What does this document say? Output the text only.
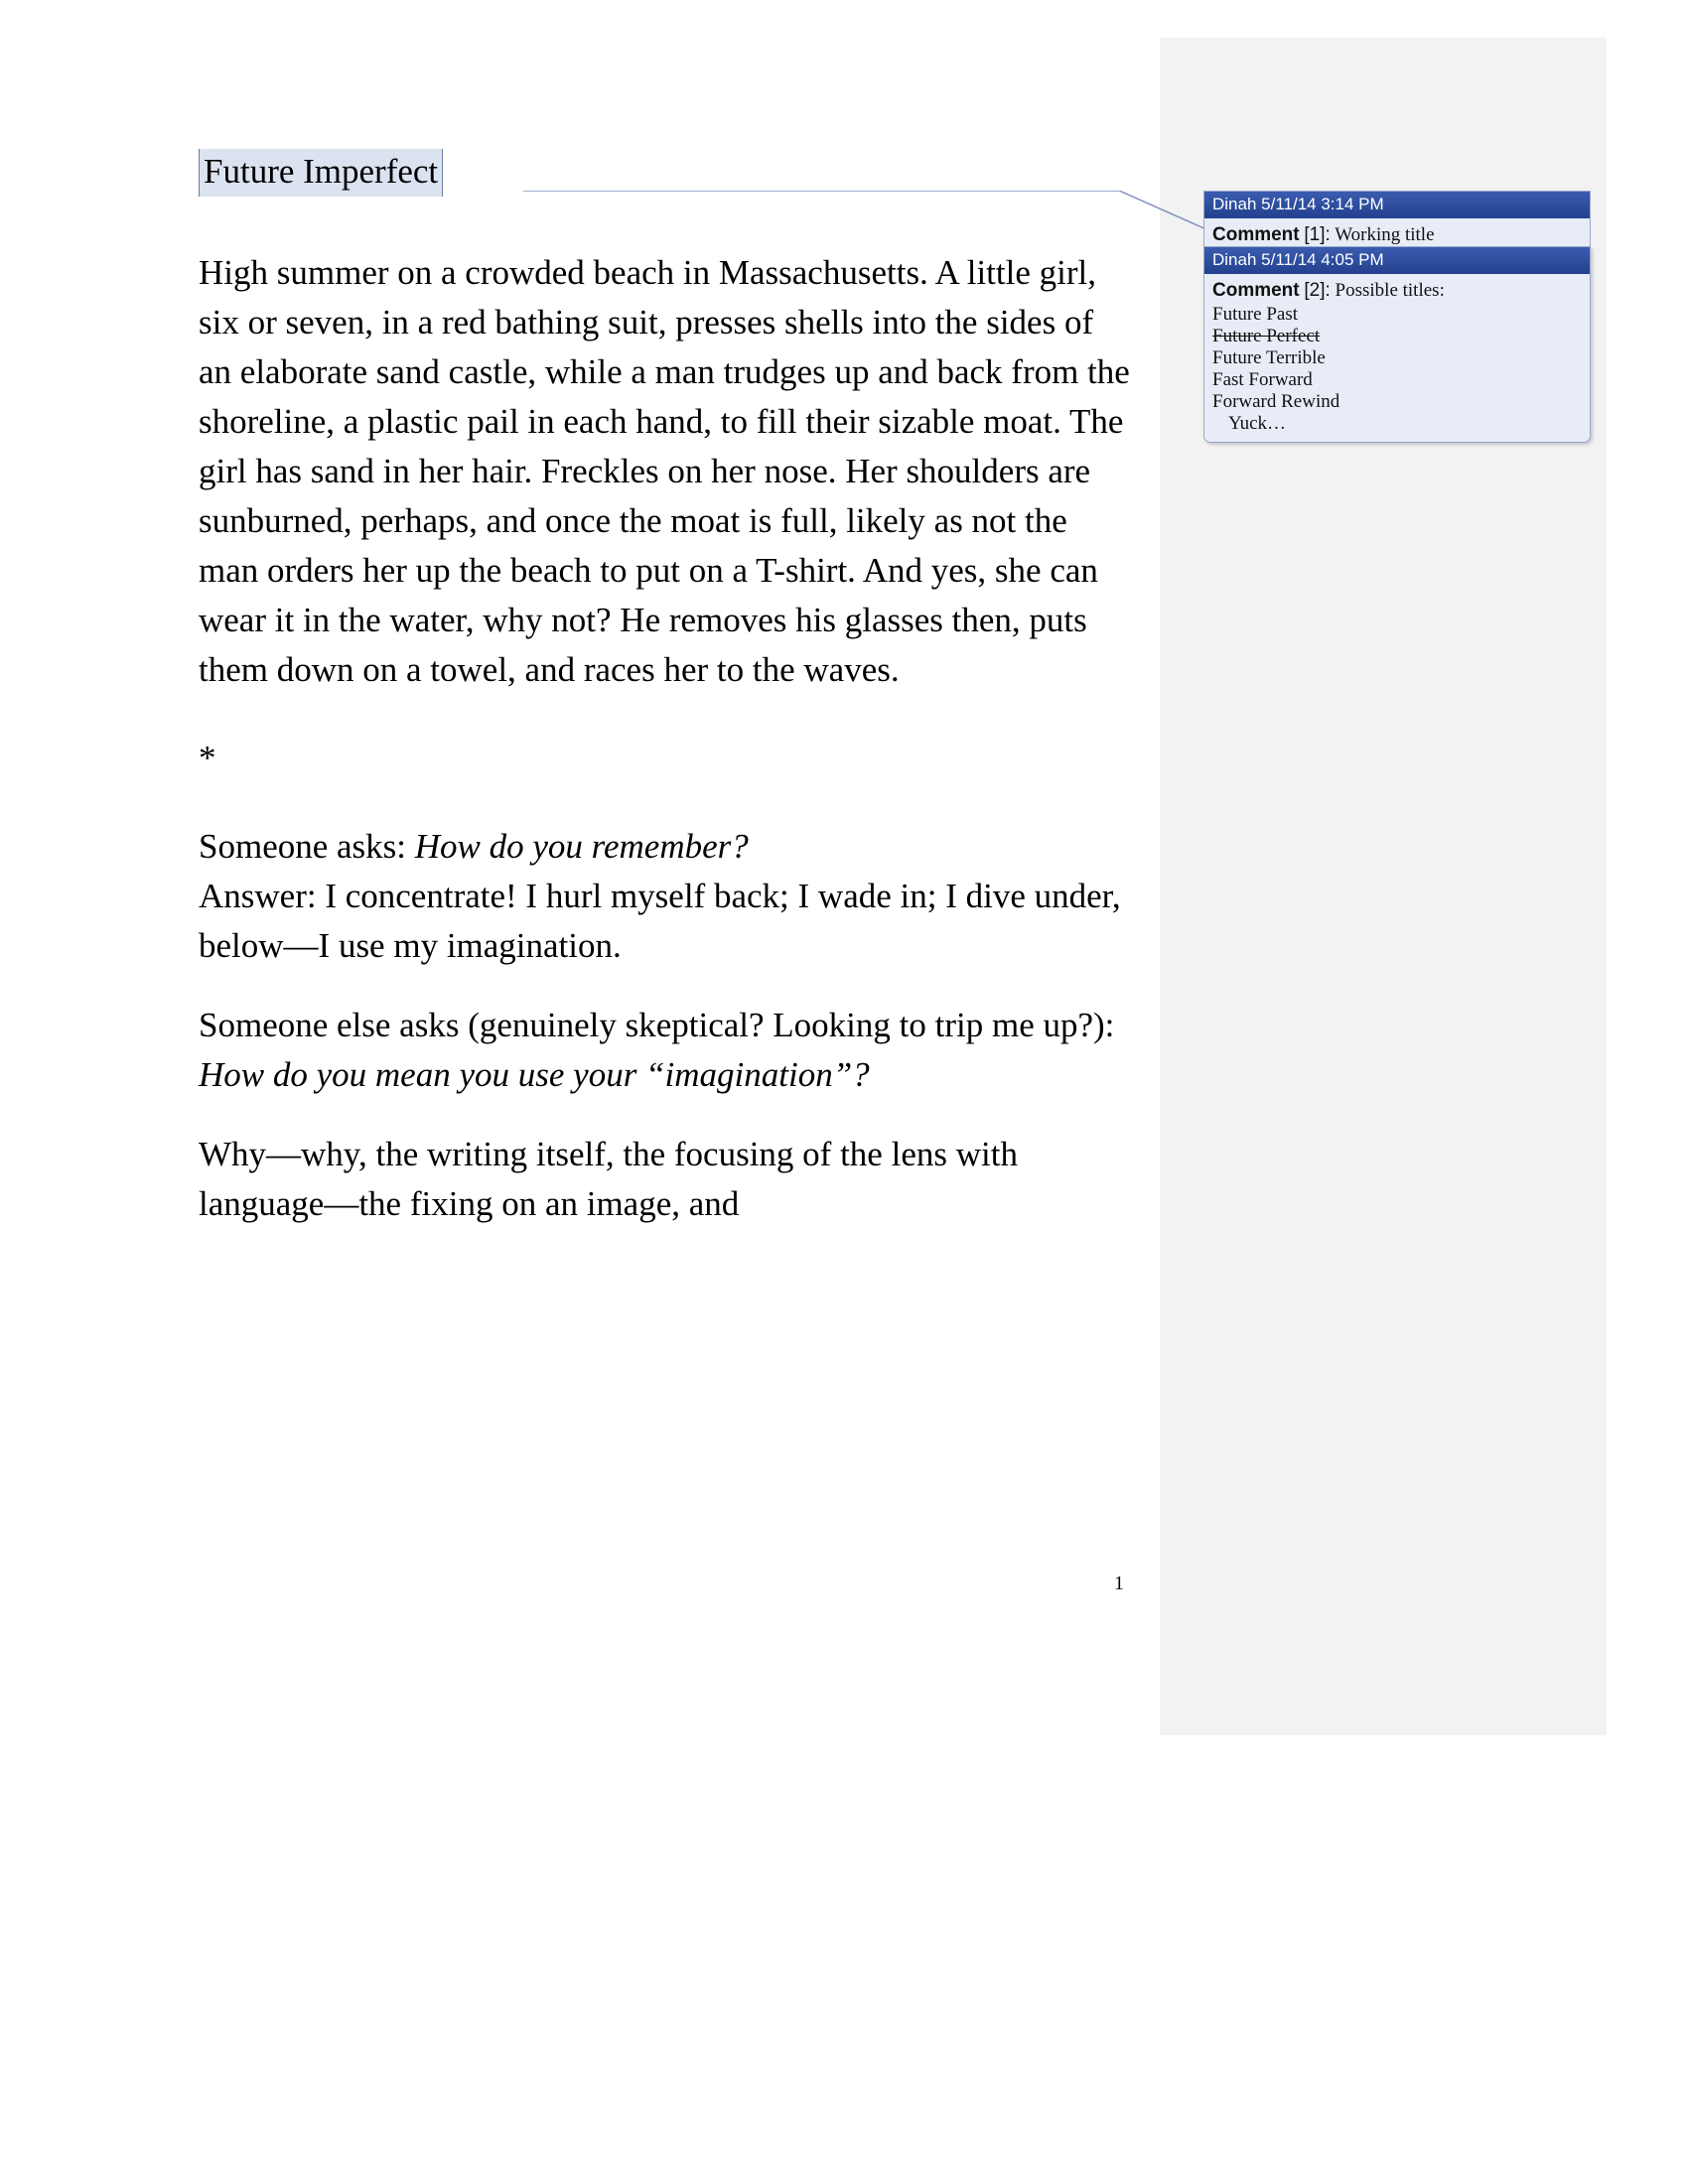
Future Imperfect

High summer on a crowded beach in Massachusetts. A little girl, six or seven, in a red bathing suit, presses shells into the sides of an elaborate sand castle, while a man trudges up and back from the shoreline, a plastic pail in each hand, to fill their sizable moat. The girl has sand in her hair. Freckles on her nose. Her shoulders are sunburned, perhaps, and once the moat is full, likely as not the man orders her up the beach to put on a T-shirt. And yes, she can wear it in the water, why not? He removes his glasses then, puts them down on a towel, and races her to the waves.

*

Someone asks: How do you remember?
Answer: I concentrate! I hurl myself back; I wade in; I dive under, below—I use my imagination.

Someone else asks (genuinely skeptical? Looking to trip me up?): How do you mean you use your “imagination”?

Why—why, the writing itself, the focusing of the lens with language—the fixing on an image, and

1
Dinah 5/11/14 3:14 PM
Comment [1]: Working title
Dinah 5/11/14 4:05 PM
Comment [2]: Possible titles:
Future Past
Future Perfect
Future Terrible
Fast Forward
Forward Rewind
Yuck…
